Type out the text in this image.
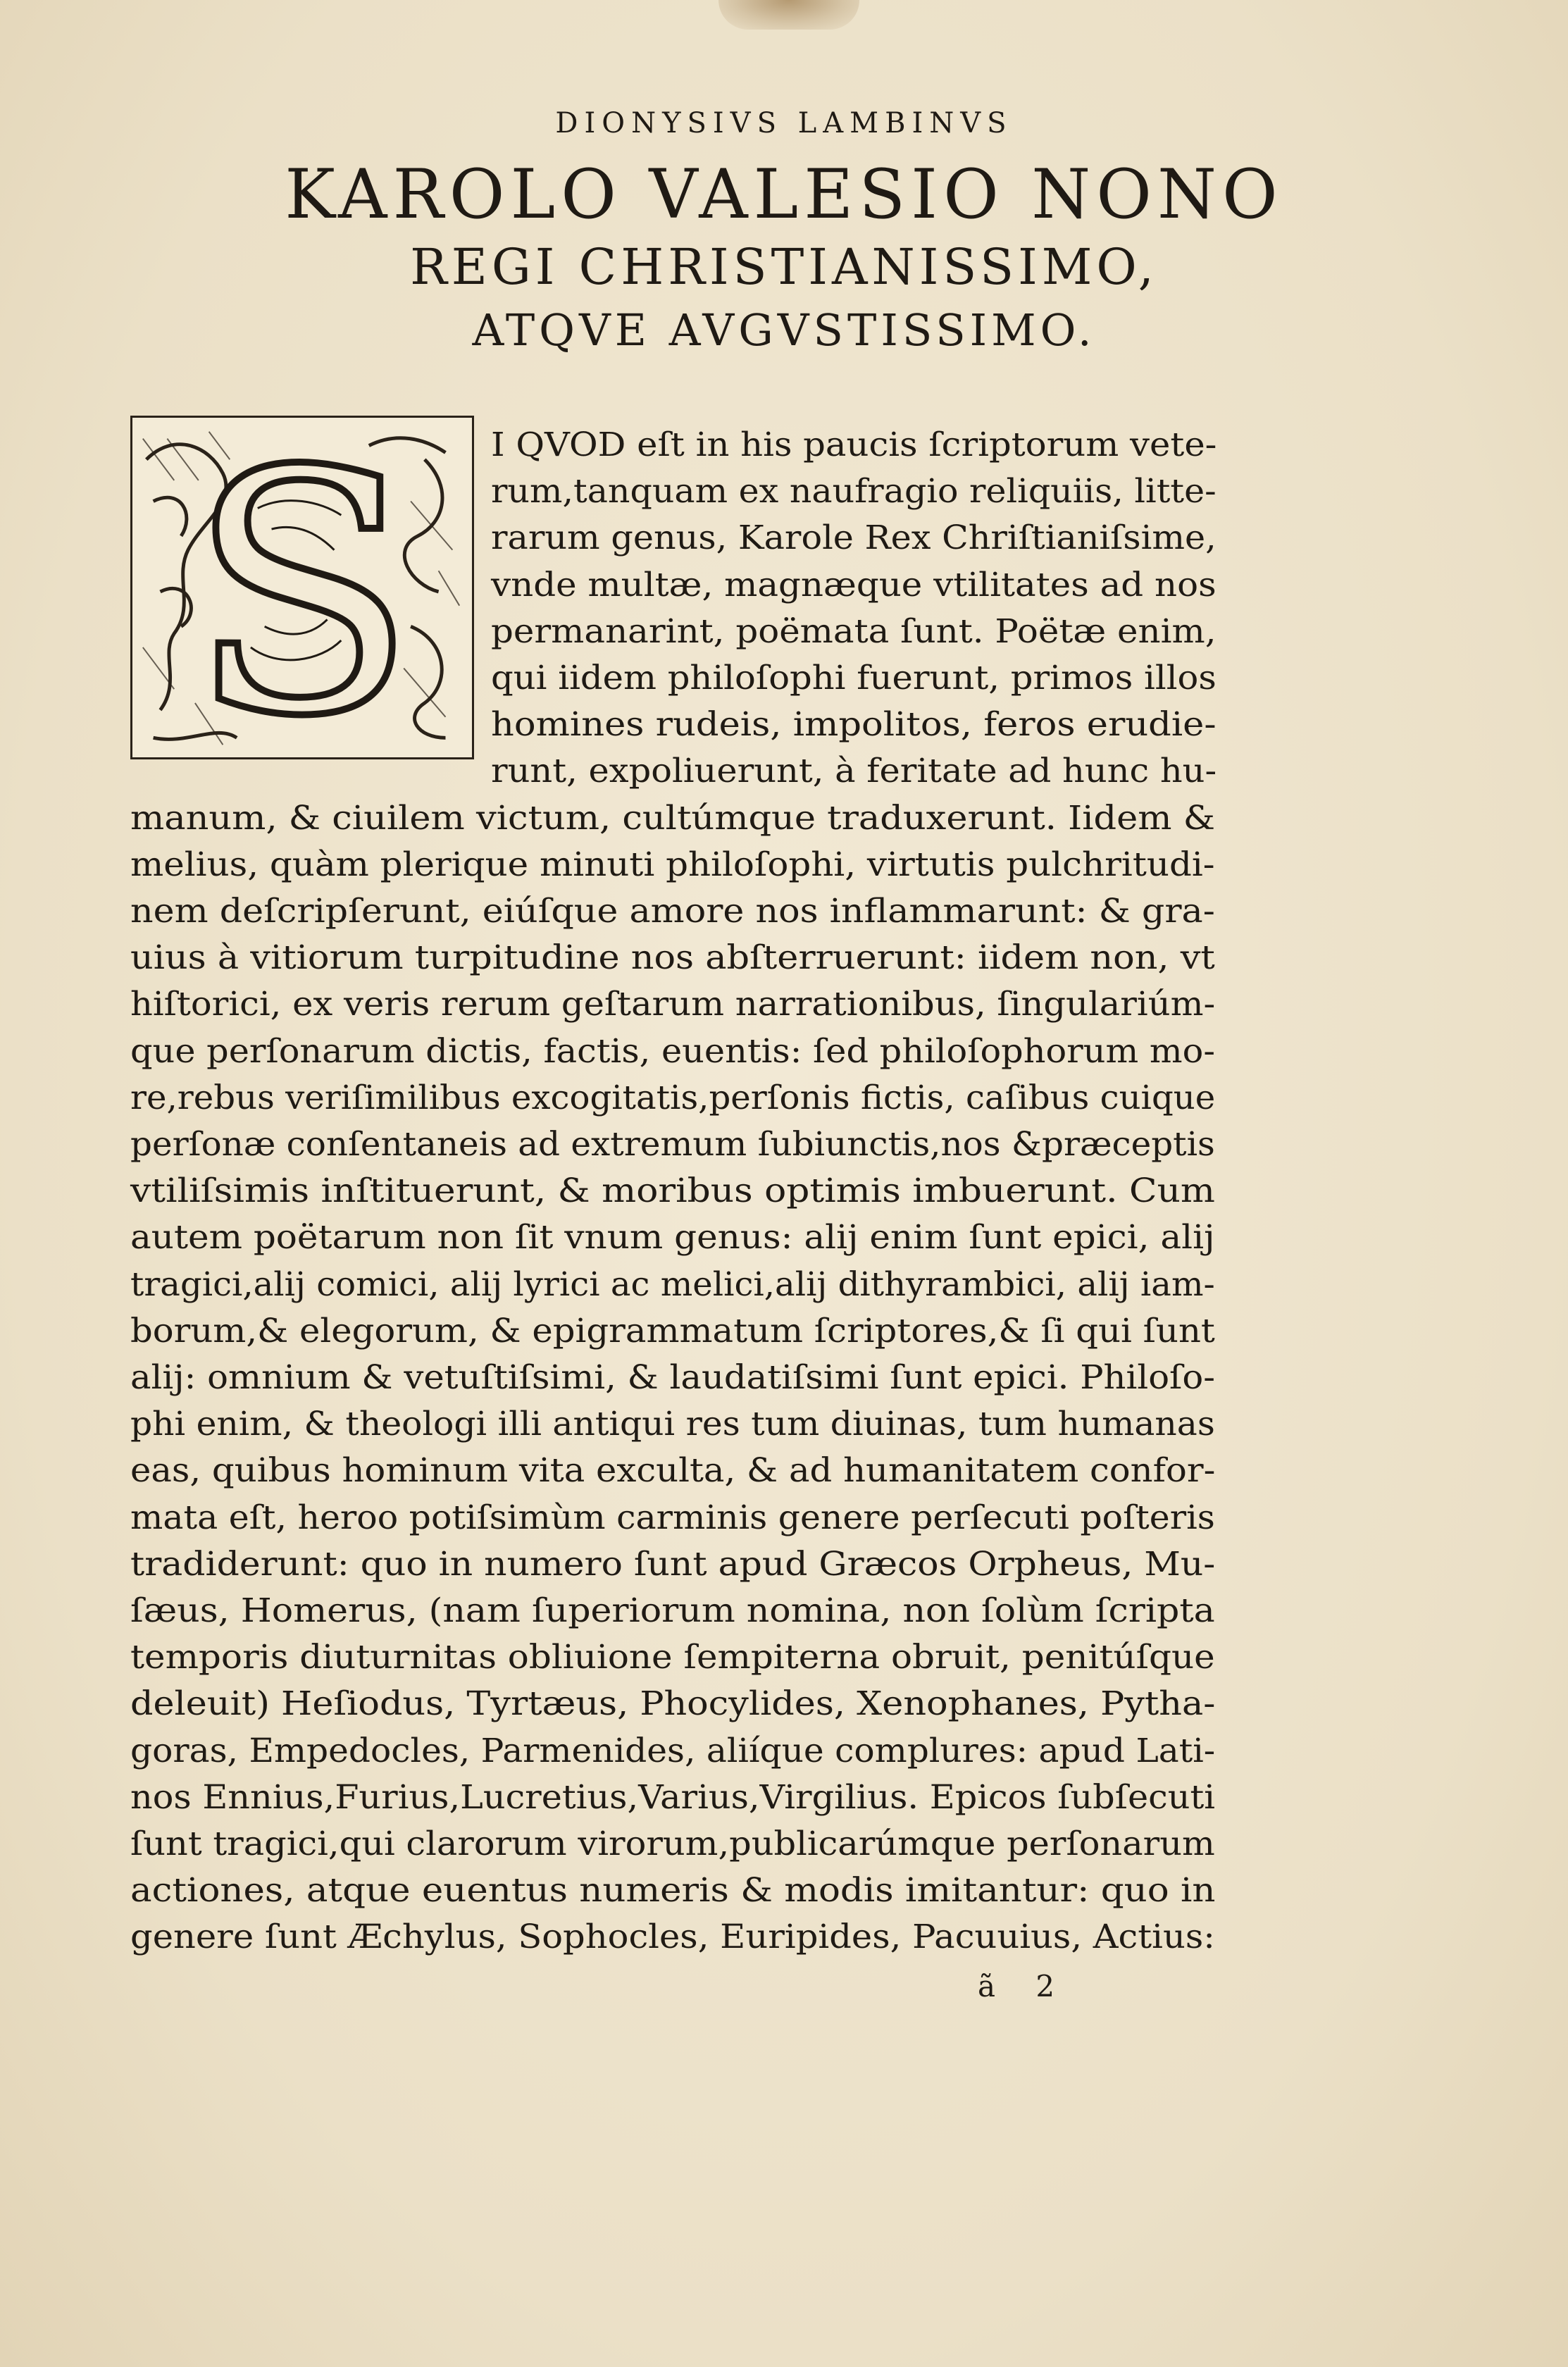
DIONYSIVS LAMBINVS
KAROLO VALESIO NONO
REGI CHRISTIANISSIMO,
ATQVE AVGVSTISSIMO.
S I QVOD eſt in his paucis ſcriptorum vete-
rum,tanquam ex naufragio reliquiis, litte-
rarum genus, Karole Rex Chriſtianiſsime,
vnde multæ, magnæque vtilitates ad nos
permanarint, poëmata ſunt. Poëtæ enim,
qui iidem philoſophi fuerunt, primos illos
homines rudeis, impolitos, feros erudie-
runt, expoliuerunt, à feritate ad hunc hu-
manum, & ciuilem victum, cultúmque traduxerunt. Iidem &
melius, quàm plerique minuti philoſophi, virtutis pulchritudi-
nem deſcripſerunt, eiúſque amore nos inflammarunt: & gra-
uius à vitiorum turpitudine nos abſterruerunt: iidem non, vt
hiſtorici, ex veris rerum geſtarum narrationibus, ſingulariúm-
que perſonarum dictis, factis, euentis: ſed philoſophorum mo-
re,rebus veriſimilibus excogitatis,perſonis fictis, caſibus cuique
perſonæ conſentaneis ad extremum ſubiunctis,nos &præceptis
vtiliſsimis inſtituerunt, & moribus optimis imbuerunt. Cum
autem poëtarum non ſit vnum genus: alij enim ſunt epici, alij
tragici,alij comici, alij lyrici ac melici,alij dithyrambici, alij iam-
borum,& elegorum, & epigrammatum ſcriptores,& ſi qui ſunt
alij: omnium & vetuſtiſsimi, & laudatiſsimi ſunt epici. Philoſo-
phi enim, & theologi illi antiqui res tum diuinas, tum humanas
eas, quibus hominum vita exculta, & ad humanitatem confor-
mata eſt, heroo potiſsimùm carminis genere perſecuti poſteris
tradiderunt: quo in numero ſunt apud Græcos Orpheus, Mu-
ſæus, Homerus, (nam ſuperiorum nomina, non ſolùm ſcripta
temporis diuturnitas obliuione ſempiterna obruit, penitúſque
deleuit) Heſiodus, Tyrtæus, Phocylides, Xenophanes, Pytha-
goras, Empedocles, Parmenides, aliíque complures: apud Lati-
nos Ennius,Furius,Lucretius,Varius,Virgilius. Epicos ſubſecuti
ſunt tragici,qui clarorum virorum,publicarúmque perſonarum
actiones, atque euentus numeris & modis imitantur: quo in
genere ſunt Æchylus, Sophocles, Euripides, Pacuuius, Actius:
ã 2
